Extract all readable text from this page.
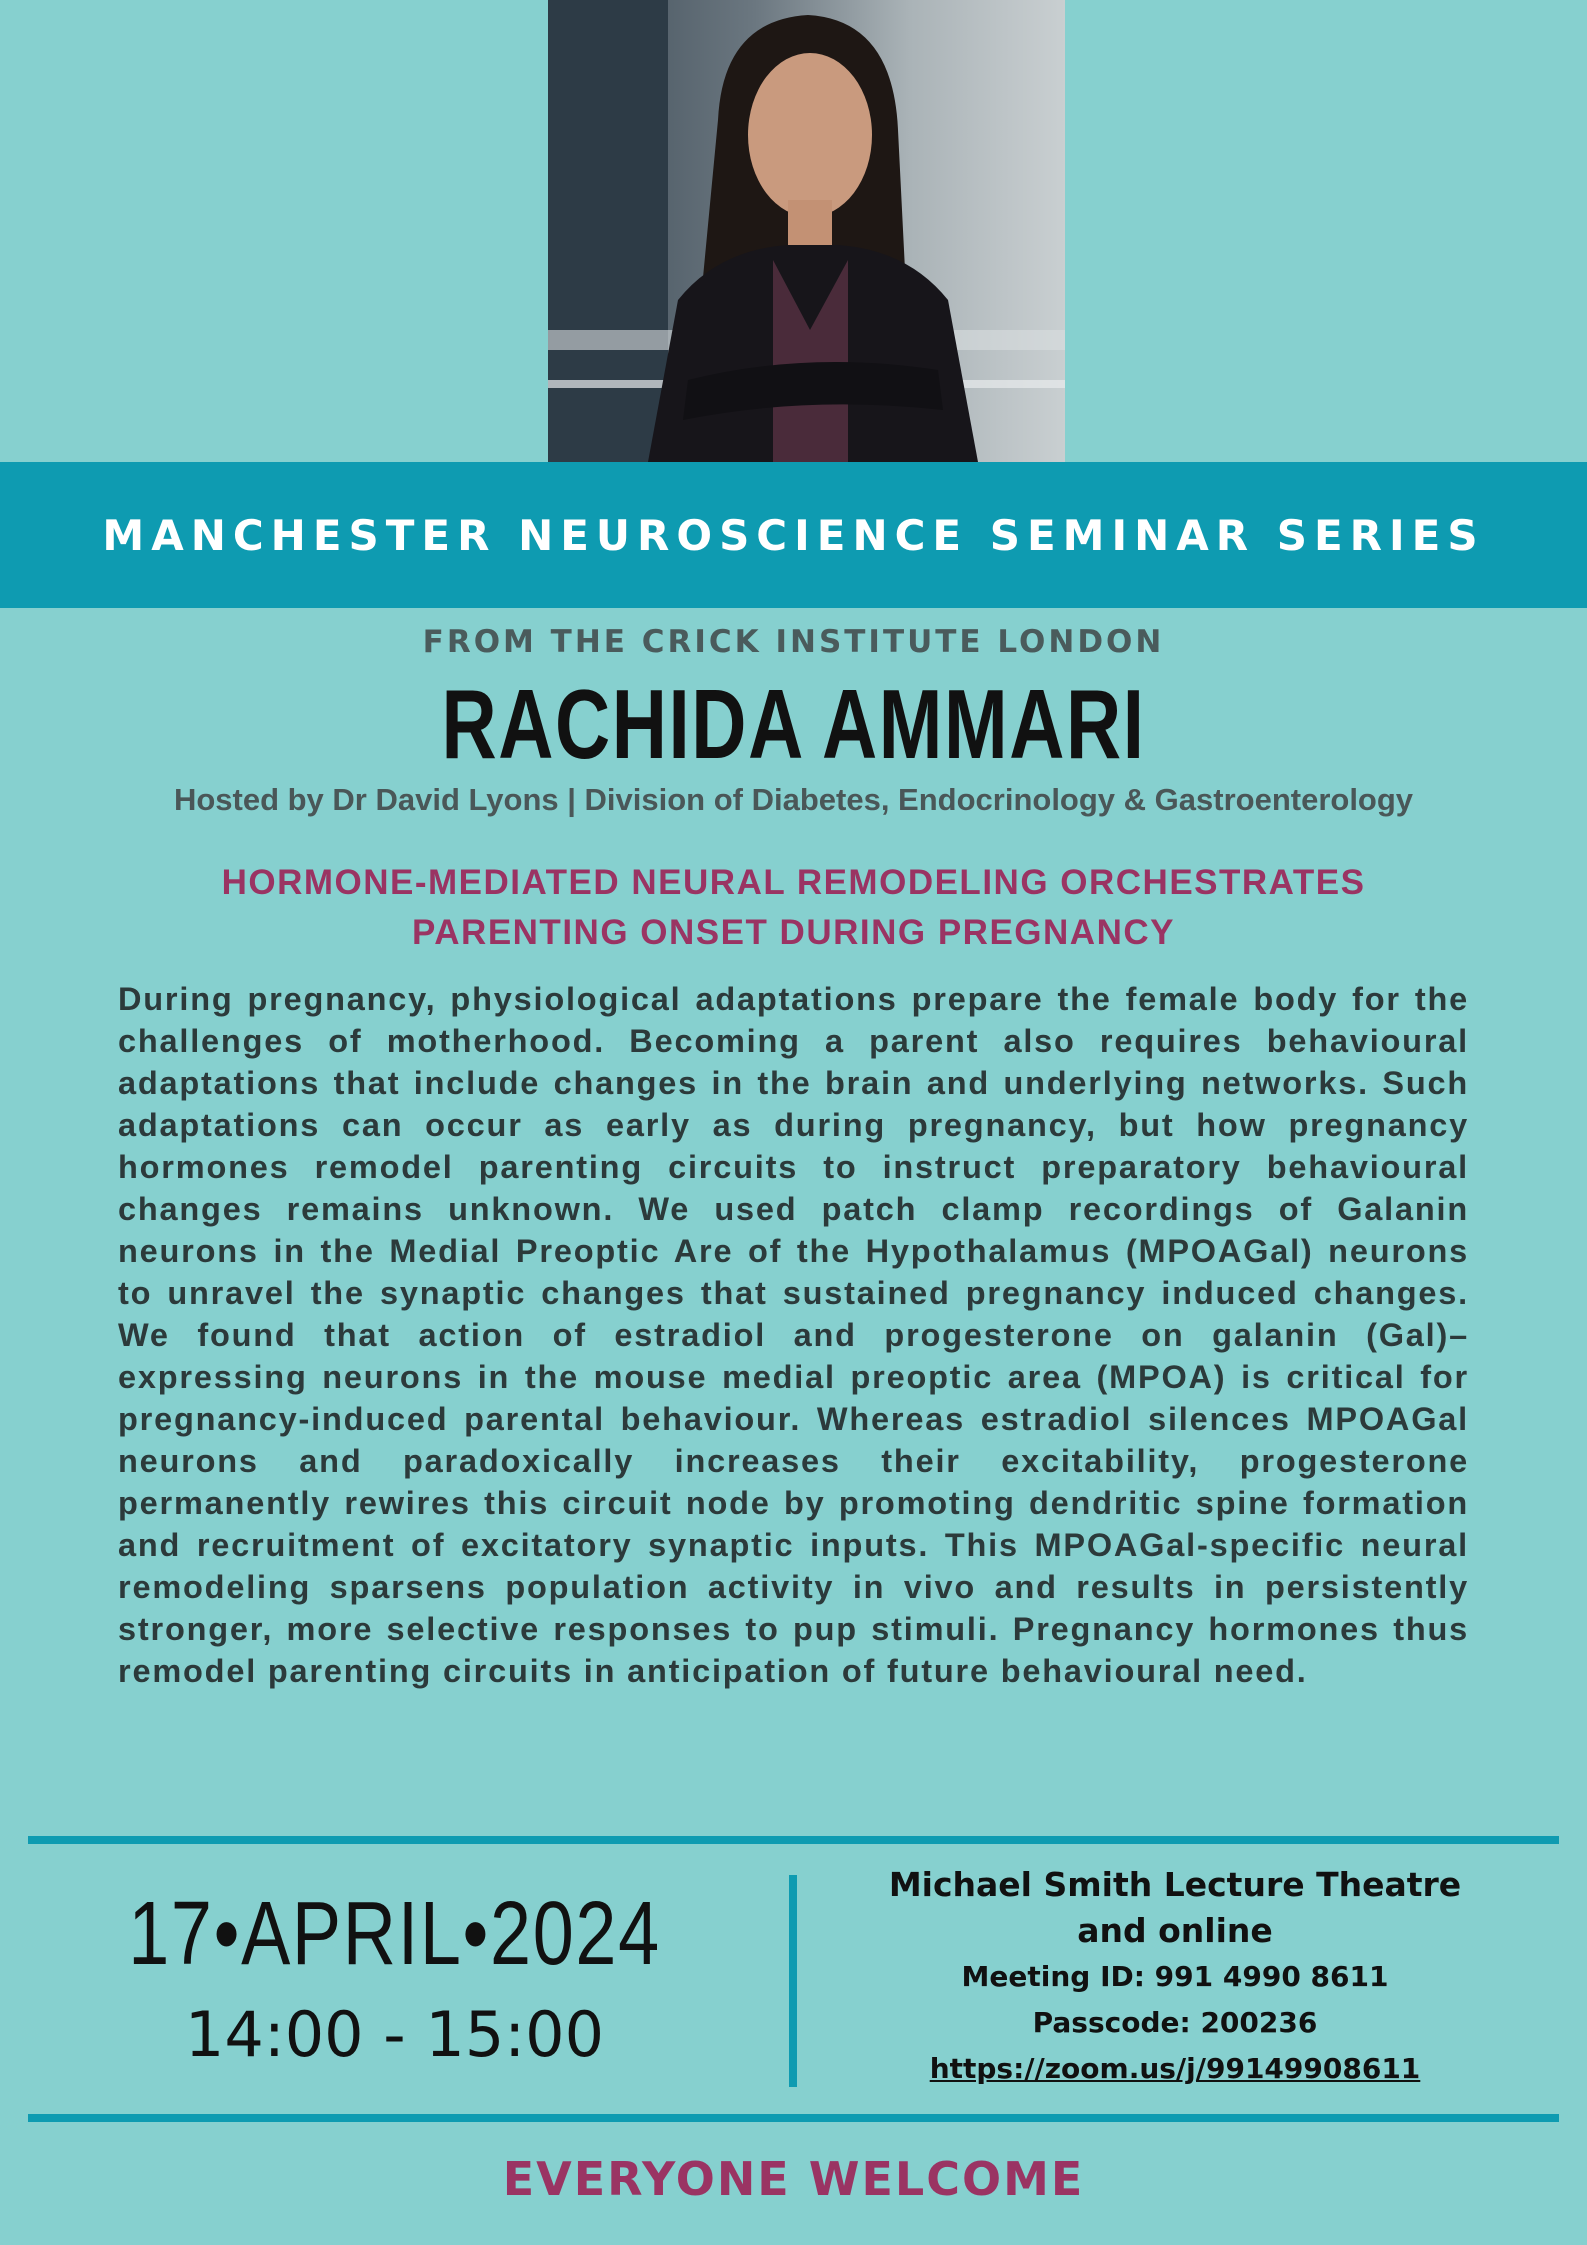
MANCHESTER NEUROSCIENCE SEMINAR SERIES
FROM THE CRICK INSTITUTE LONDON
RACHIDA AMMARI
Hosted by Dr David Lyons | Division of Diabetes, Endocrinology & Gastroenterology
HORMONE-MEDIATED NEURAL REMODELING ORCHESTRATES
PARENTING ONSET DURING PREGNANCY
During pregnancy, physiological adaptations prepare the female body for the challenges of motherhood. Becoming a parent also requires behavioural adaptations that include changes in the brain and underlying networks. Such adaptations can occur as early as during pregnancy, but how pregnancy hormones remodel parenting circuits to instruct preparatory behavioural changes remains unknown. We used patch clamp recordings of Galanin neurons in the Medial Preoptic Are of the Hypothalamus (MPOAGal) neurons to unravel the synaptic changes that sustained pregnancy induced changes. We found that action of estradiol and progesterone on galanin (Gal)–expressing neurons in the mouse medial preoptic area (MPOA) is critical for pregnancy-induced parental behaviour. Whereas estradiol silences MPOAGal neurons and paradoxically increases their excitability, progesterone permanently rewires this circuit node by promoting dendritic spine formation and recruitment of excitatory synaptic inputs. This MPOAGal-specific neural remodeling sparsens population activity in vivo and results in persistently stronger, more selective responses to pup stimuli. Pregnancy hormones thus remodel parenting circuits in anticipation of future behavioural need.
17•APRIL•2024
14:00 - 15:00
Michael Smith Lecture Theatre
and online
Meeting ID: 991 4990 8611
Passcode: 200236
https://zoom.us/j/99149908611
EVERYONE WELCOME
